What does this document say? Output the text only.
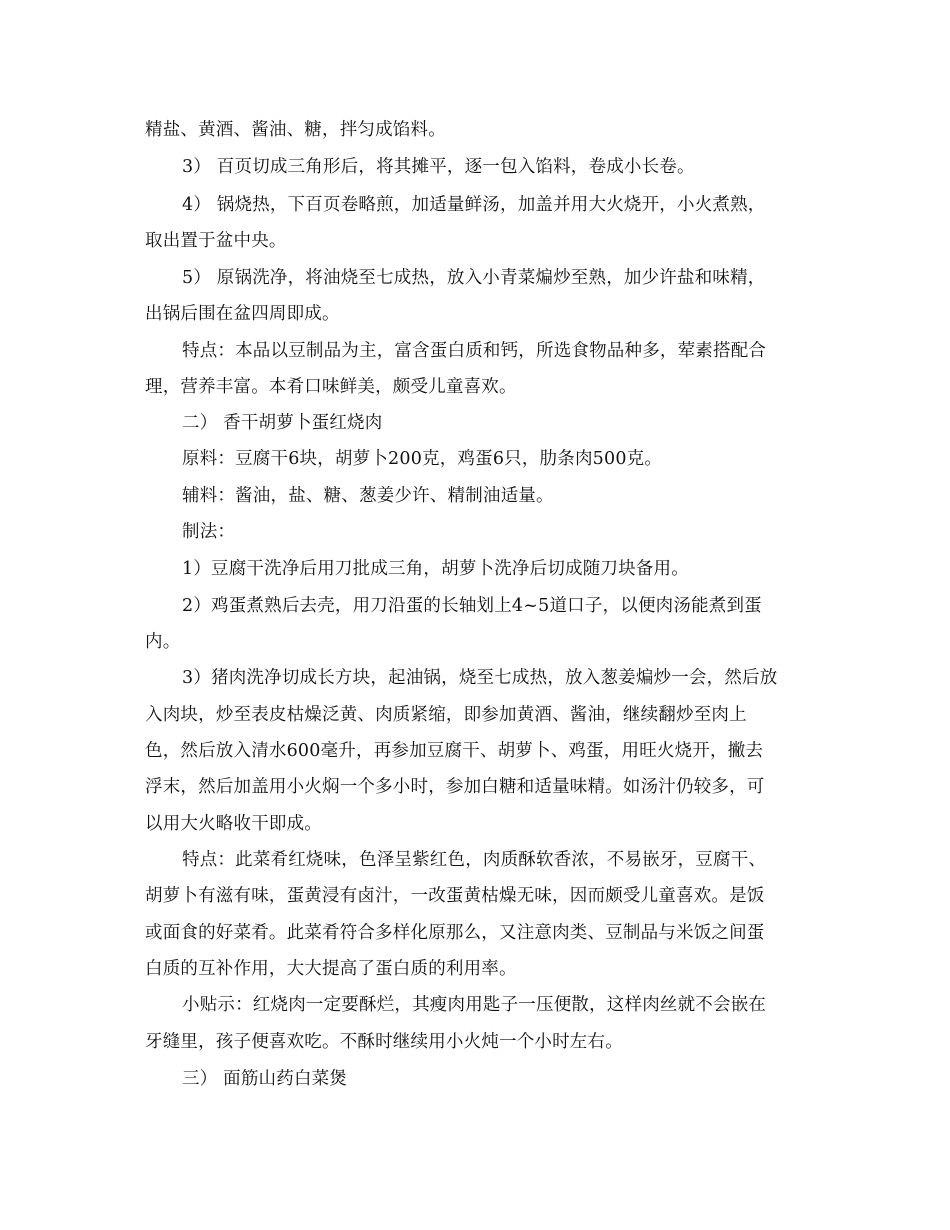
精盐、黄酒、酱油、糖，拌匀成馅料。
3） 百页切成三角形后，将其摊平，逐一包入馅料，卷成小长卷。
4） 锅烧热，下百页卷略煎，加适量鲜汤，加盖并用大火烧开，小火煮熟，
取出置于盆中央。
5） 原锅洗净，将油烧至七成热，放入小青菜煸炒至熟，加少许盐和味精，
出锅后围在盆四周即成。
特点：本品以豆制品为主，富含蛋白质和钙，所选食物品种多，荤素搭配合
理，营养丰富。本肴口味鲜美，颇受儿童喜欢。
二） 香干胡萝卜蛋红烧肉
原料：豆腐干6块，胡萝卜200克，鸡蛋6只，肋条肉500克。
辅料：酱油，盐、糖、葱姜少许、精制油适量。
制法：
1）豆腐干洗净后用刀批成三角，胡萝卜洗净后切成随刀块备用。
2）鸡蛋煮熟后去壳，用刀沿蛋的长轴划上4~5道口子，以便肉汤能煮到蛋
内。
3）猪肉洗净切成长方块，起油锅，烧至七成热，放入葱姜煸炒一会，然后放
入肉块，炒至表皮枯燥泛黄、肉质紧缩，即参加黄酒、酱油，继续翻炒至肉上
色，然后放入清水600毫升，再参加豆腐干、胡萝卜、鸡蛋，用旺火烧开，撇去
浮末，然后加盖用小火焖一个多小时，参加白糖和适量味精。如汤汁仍较多，可
以用大火略收干即成。
特点：此菜肴红烧味，色泽呈紫红色，肉质酥软香浓，不易嵌牙，豆腐干、
胡萝卜有滋有味，蛋黄浸有卤汁，一改蛋黄枯燥无味，因而颇受儿童喜欢。是饭
或面食的好菜肴。此菜肴符合多样化原那么，又注意肉类、豆制品与米饭之间蛋
白质的互补作用，大大提高了蛋白质的利用率。
小贴示：红烧肉一定要酥烂，其瘦肉用匙子一压便散，这样肉丝就不会嵌在
牙缝里，孩子便喜欢吃。不酥时继续用小火炖一个小时左右。
三） 面筋山药白菜煲
